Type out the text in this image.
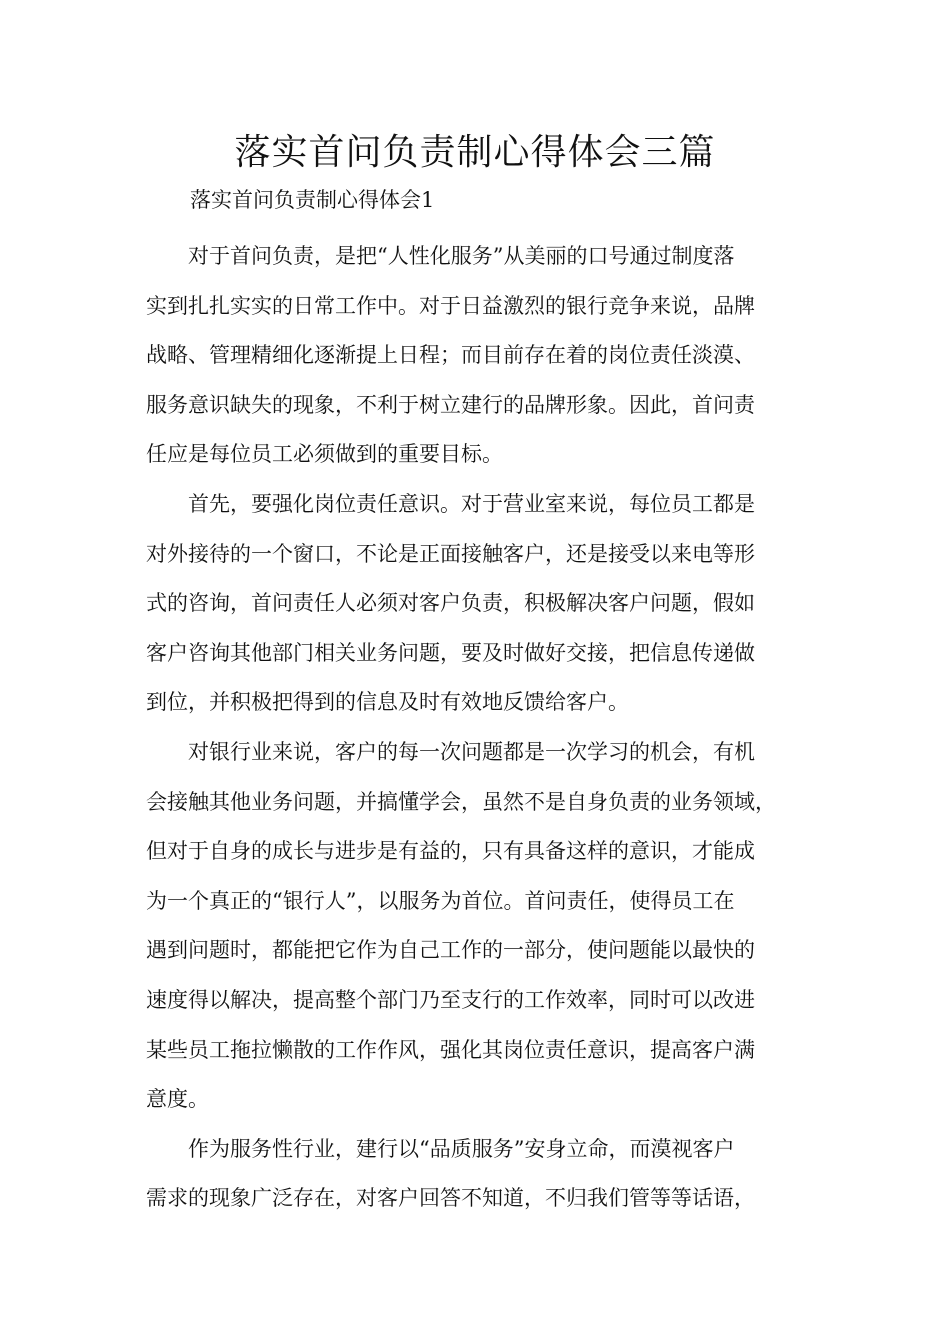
落实首问负责制心得体会三篇

落实首问负责制心得体会1

对于首问负责，是把“人性化服务”从美丽的口号通过制度落
实到扎扎实实的日常工作中。对于日益激烈的银行竞争来说，品牌
战略、管理精细化逐渐提上日程；而目前存在着的岗位责任淡漠、
服务意识缺失的现象，不利于树立建行的品牌形象。因此，首问责
任应是每位员工必须做到的重要目标。

首先，要强化岗位责任意识。对于营业室来说，每位员工都是
对外接待的一个窗口，不论是正面接触客户，还是接受以来电等形
式的咨询，首问责任人必须对客户负责，积极解决客户问题，假如
客户咨询其他部门相关业务问题，要及时做好交接，把信息传递做
到位，并积极把得到的信息及时有效地反馈给客户。

对银行业来说，客户的每一次问题都是一次学习的机会，有机
会接触其他业务问题，并搞懂学会，虽然不是自身负责的业务领域，
但对于自身的成长与进步是有益的，只有具备这样的意识，才能成
为一个真正的“银行人”，以服务为首位。首问责任，使得员工在
遇到问题时，都能把它作为自己工作的一部分，使问题能以最快的
速度得以解决，提高整个部门乃至支行的工作效率，同时可以改进
某些员工拖拉懒散的工作作风，强化其岗位责任意识，提高客户满
意度。

作为服务性行业，建行以“品质服务”安身立命，而漠视客户
需求的现象广泛存在，对客户回答不知道，不归我们管等等话语，
